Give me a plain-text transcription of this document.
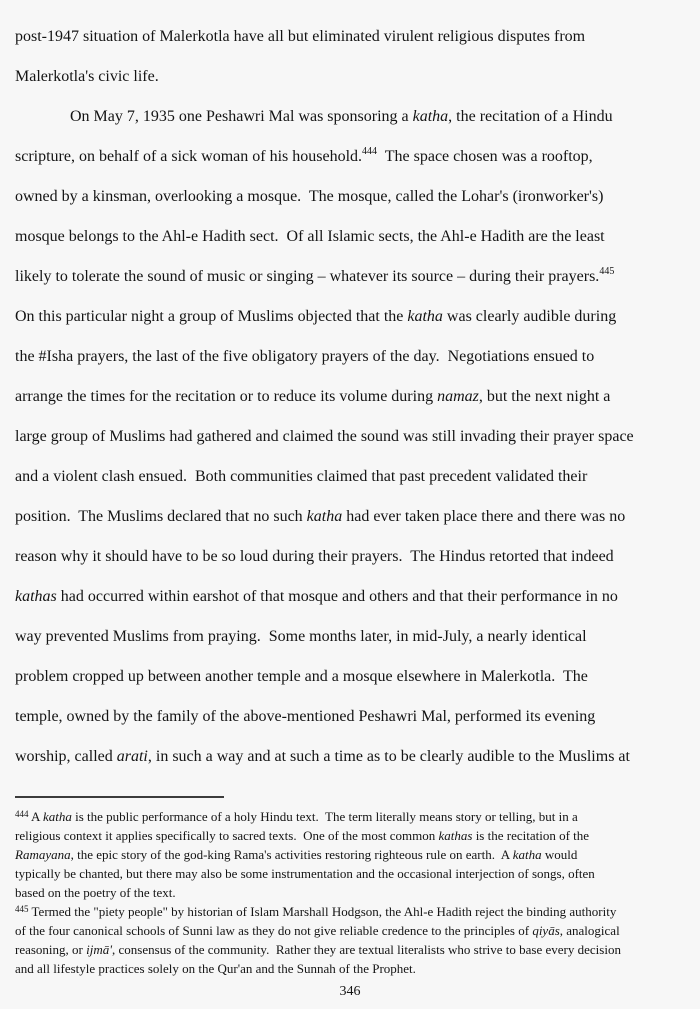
post-1947 situation of Malerkotla have all but eliminated virulent religious disputes from
Malerkotla's civic life.
On May 7, 1935 one Peshawri Mal was sponsoring a katha, the recitation of a Hindu
scripture, on behalf of a sick woman of his household.$^{444}$  The space chosen was a rooftop,
owned by a kinsman, overlooking a mosque.  The mosque, called the Lohar's (ironworker's)
mosque belongs to the Ahl-e Hadith sect.  Of all Islamic sects, the Ahl-e Hadith are the least
likely to tolerate the sound of music or singing – whatever its source – during their prayers.$^{445}$
On this particular night a group of Muslims objected that the katha was clearly audible during
the #Isha prayers, the last of the five obligatory prayers of the day.  Negotiations ensued to
arrange the times for the recitation or to reduce its volume during namaz, but the next night a
large group of Muslims had gathered and claimed the sound was still invading their prayer space
and a violent clash ensued.  Both communities claimed that past precedent validated their
position.  The Muslims declared that no such katha had ever taken place there and there was no
reason why it should have to be so loud during their prayers.  The Hindus retorted that indeed
kathas had occurred within earshot of that mosque and others and that their performance in no
way prevented Muslims from praying.  Some months later, in mid-July, a nearly identical
problem cropped up between another temple and a mosque elsewhere in Malerkotla.  The
temple, owned by the family of the above-mentioned Peshawri Mal, performed its evening
worship, called arati, in such a way and at such a time as to be clearly audible to the Muslims at
$^{444}$ A katha is the public performance of a holy Hindu text.  The term literally means story or telling, but in a
religious context it applies specifically to sacred texts.  One of the most common kathas is the recitation of the
Ramayana, the epic story of the god-king Rama's activities restoring righteous rule on earth.  A katha would
typically be chanted, but there may also be some instrumentation and the occasional interjection of songs, often
based on the poetry of the text.
$^{445}$ Termed the "piety people" by historian of Islam Marshall Hodgson, the Ahl-e Hadith reject the binding authority
of the four canonical schools of Sunni law as they do not give reliable credence to the principles of qiyās, analogical
reasoning, or ijmā', consensus of the community.  Rather they are textual literalists who strive to base every decision
and all lifestyle practices solely on the Qur'an and the Sunnah of the Prophet.
346
